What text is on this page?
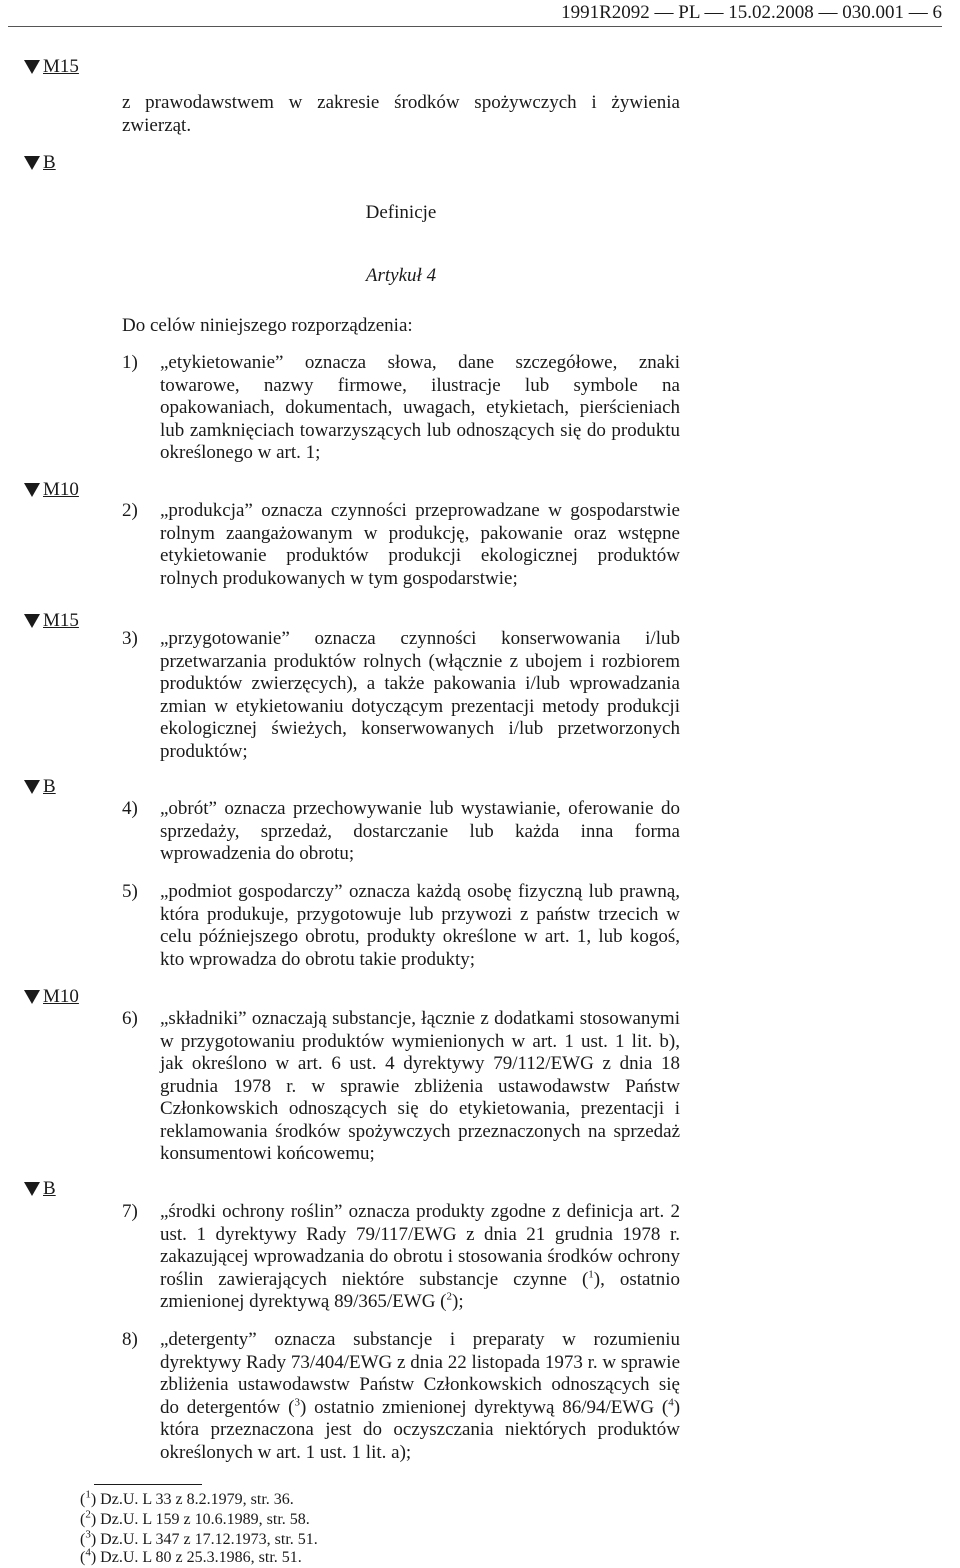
1991R2092 — PL — 15.02.2008 — 030.001 — 6
M15
B
M10
M15
B
M10
B
z prawodawstwem w zakresie środków spożywczych i żywienia zwierząt.
Definicje
Artykuł 4
Do celów niniejszego rozporządzenia:
1) „etykietowanie” oznacza słowa, dane szczegółowe, znaki towarowe, nazwy firmowe, ilustracje lub symbole na opakowaniach, dokumentach, uwagach, etykietach, pierścieniach lub zamknięciach towarzyszących lub odnoszących się do produktu określonego w art. 1;
2) „produkcja” oznacza czynności przeprowadzane w gospodarstwie rolnym zaangażowanym w produkcję, pakowanie oraz wstępne etykietowanie produktów produkcji ekologicznej produktów rolnych produkowanych w tym gospodarstwie;
3) „przygotowanie” oznacza czynności konserwowania i/lub przetwarzania produktów rolnych (włącznie z ubojem i rozbiorem produktów zwierzęcych), a także pakowania i/lub wprowadzania zmian w etykietowaniu dotyczącym prezentacji metody produkcji ekologicznej świeżych, konserwowanych i/lub przetworzonych produktów;
4) „obrót” oznacza przechowywanie lub wystawianie, oferowanie do sprzedaży, sprzedaż, dostarczanie lub każda inna forma wprowadzenia do obrotu;
5) „podmiot gospodarczy” oznacza każdą osobę fizyczną lub prawną, która produkuje, przygotowuje lub przywozi z państw trzecich w celu późniejszego obrotu, produkty określone w art. 1, lub kogoś, kto wprowadza do obrotu takie produkty;
6) „składniki” oznaczają substancje, łącznie z dodatkami stosowanymi w przygotowaniu produktów wymienionych w art. 1 ust. 1 lit. b), jak określono w art. 6 ust. 4 dyrektywy 79/112/EWG z dnia 18 grudnia 1978 r. w sprawie zbliżenia ustawodawstw Państw Członkowskich odnoszących się do etykietowania, prezentacji i reklamowania środków spożywczych przeznaczonych na sprzedaż konsumentowi końcowemu;
7) „środki ochrony roślin” oznacza produkty zgodne z definicja art. 2 ust. 1 dyrektywy Rady 79/117/EWG z dnia 21 grudnia 1978 r. zakazującej wprowadzania do obrotu i stosowania środków ochrony roślin zawierających niektóre substancje czynne ($^1$), ostatnio zmienionej dyrektywą 89/365/EWG ($^2$);
8) „detergenty” oznacza substancje i preparaty w rozumieniu dyrektywy Rady 73/404/EWG z dnia 22 listopada 1973 r. w sprawie zbliżenia ustawodawstw Państw Członkowskich odnoszących się do detergentów ($^3$) ostatnio zmienionej dyrektywą 86/94/EWG ($^4$) która przeznaczona jest do oczyszczania niektórych produktów określonych w art. 1 ust. 1 lit. a);
($^1$) Dz.U. L 33 z 8.2.1979, str. 36.
($^2$) Dz.U. L 159 z 10.6.1989, str. 58.
($^3$) Dz.U. L 347 z 17.12.1973, str. 51.
($^4$) Dz.U. L 80 z 25.3.1986, str. 51.
